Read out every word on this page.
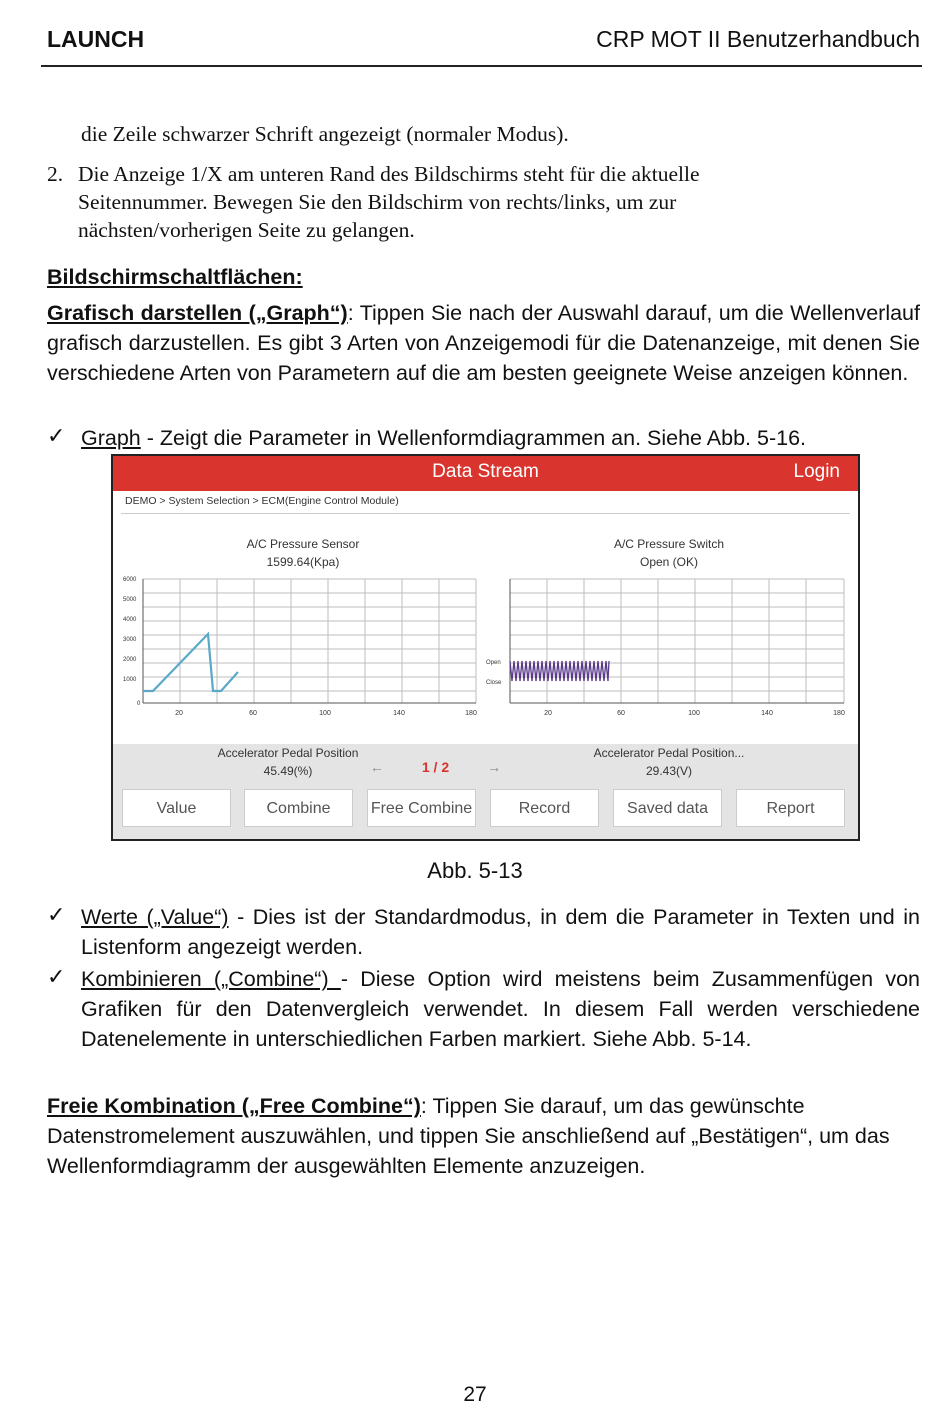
LAUNCH	CRP MOT II Benutzerhandbuch
die Zeile schwarzer Schrift angezeigt (normaler Modus).
2. Die Anzeige 1/X am unteren Rand des Bildschirms steht für die aktuelle Seitennummer. Bewegen Sie den Bildschirm von rechts/links, um zur nächsten/vorherigen Seite zu gelangen.
Bildschirmschaltflächen:
Grafisch darstellen („Graph“): Tippen Sie nach der Auswahl darauf, um die Wellenverlauf grafisch darzustellen. Es gibt 3 Arten von Anzeigemodi für die Datenanzeige, mit denen Sie verschiedene Arten von Parametern auf die am besten geeignete Weise anzeigen können.
✓ Graph - Zeigt die Parameter in Wellenformdiagrammen an. Siehe Abb. 5-16.
Data Stream	Login
DEMO > System Selection > ECM(Engine Control Module)
A/C Pressure Sensor
1599.64(Kpa)
A/C Pressure Switch
Open (OK)
6000
5000
4000
3000
2000
1000
0
20	60	100	140	180
Open
Close
20	60	100	140	180
Accelerator Pedal Position
45.49(%)
Accelerator Pedal Position...
29.43(V)
←	1 / 2	→
Value	Combine	Free Combine	Record	Saved data	Report
Abb. 5-13
✓ Werte („Value“) - Dies ist der Standardmodus, in dem die Parameter in Texten und in Listenform angezeigt werden.
✓ Kombinieren („Combine“) - Diese Option wird meistens beim Zusammenfügen von Grafiken für den Datenvergleich verwendet. In diesem Fall werden verschiedene Datenelemente in unterschiedlichen Farben markiert. Siehe Abb. 5-14.
Freie Kombination („Free Combine“): Tippen Sie darauf, um das gewünschte Datenstromelement auszuwählen, und tippen Sie anschließend auf „Bestätigen“, um das Wellenformdiagramm der ausgewählten Elemente anzuzeigen.
27
